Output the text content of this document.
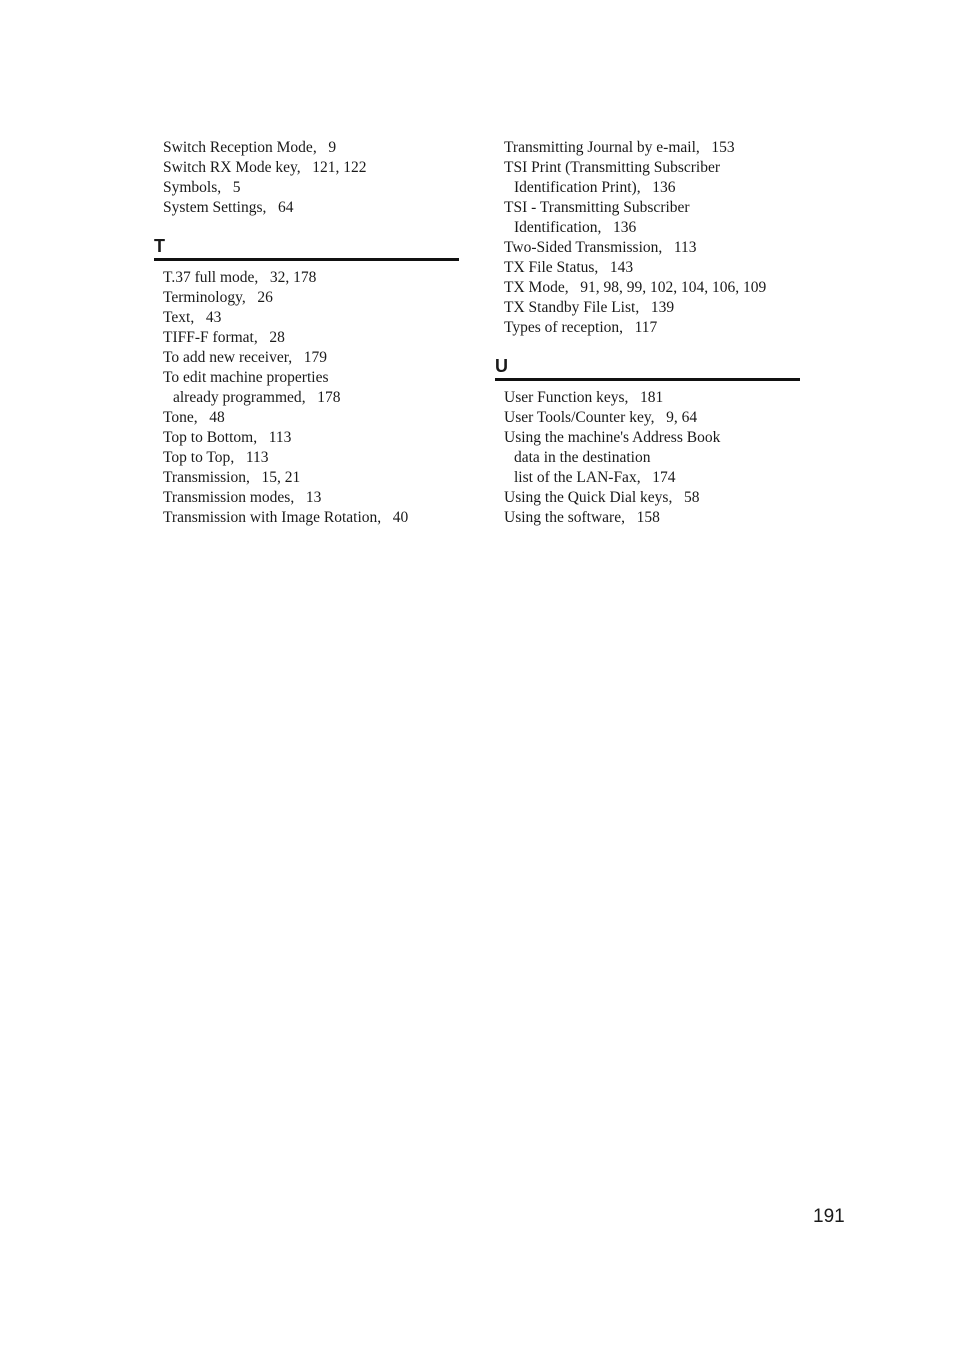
Switch Reception Mode , 9
Switch RX Mode key , 121, 122
Symbols , 5
System Settings , 64
T
T.37 full mode , 32, 178
Terminology , 26
Text , 43
TIFF-F format , 28
To add new receiver , 179
To edit machine properties
already programmed , 178
Tone , 48
Top to Bottom , 113
Top to Top , 113
Transmission , 15, 21
Transmission modes , 13
Transmission with Image Rotation , 40
Transmitting Journal by e-mail , 153
TSI Print (Transmitting Subscriber
Identification Print) , 136
TSI - Transmitting Subscriber
Identification , 136
Two-Sided Transmission , 113
TX File Status , 143
TX Mode , 91, 98, 99, 102, 104, 106, 109
TX Standby File List , 139
Types of reception , 117
U
User Function keys , 181
User Tools/Counter key , 9, 64
Using the machine's Address Book
data in the destination
list of the LAN-Fax , 174
Using the Quick Dial keys , 58
Using the software , 158
191
